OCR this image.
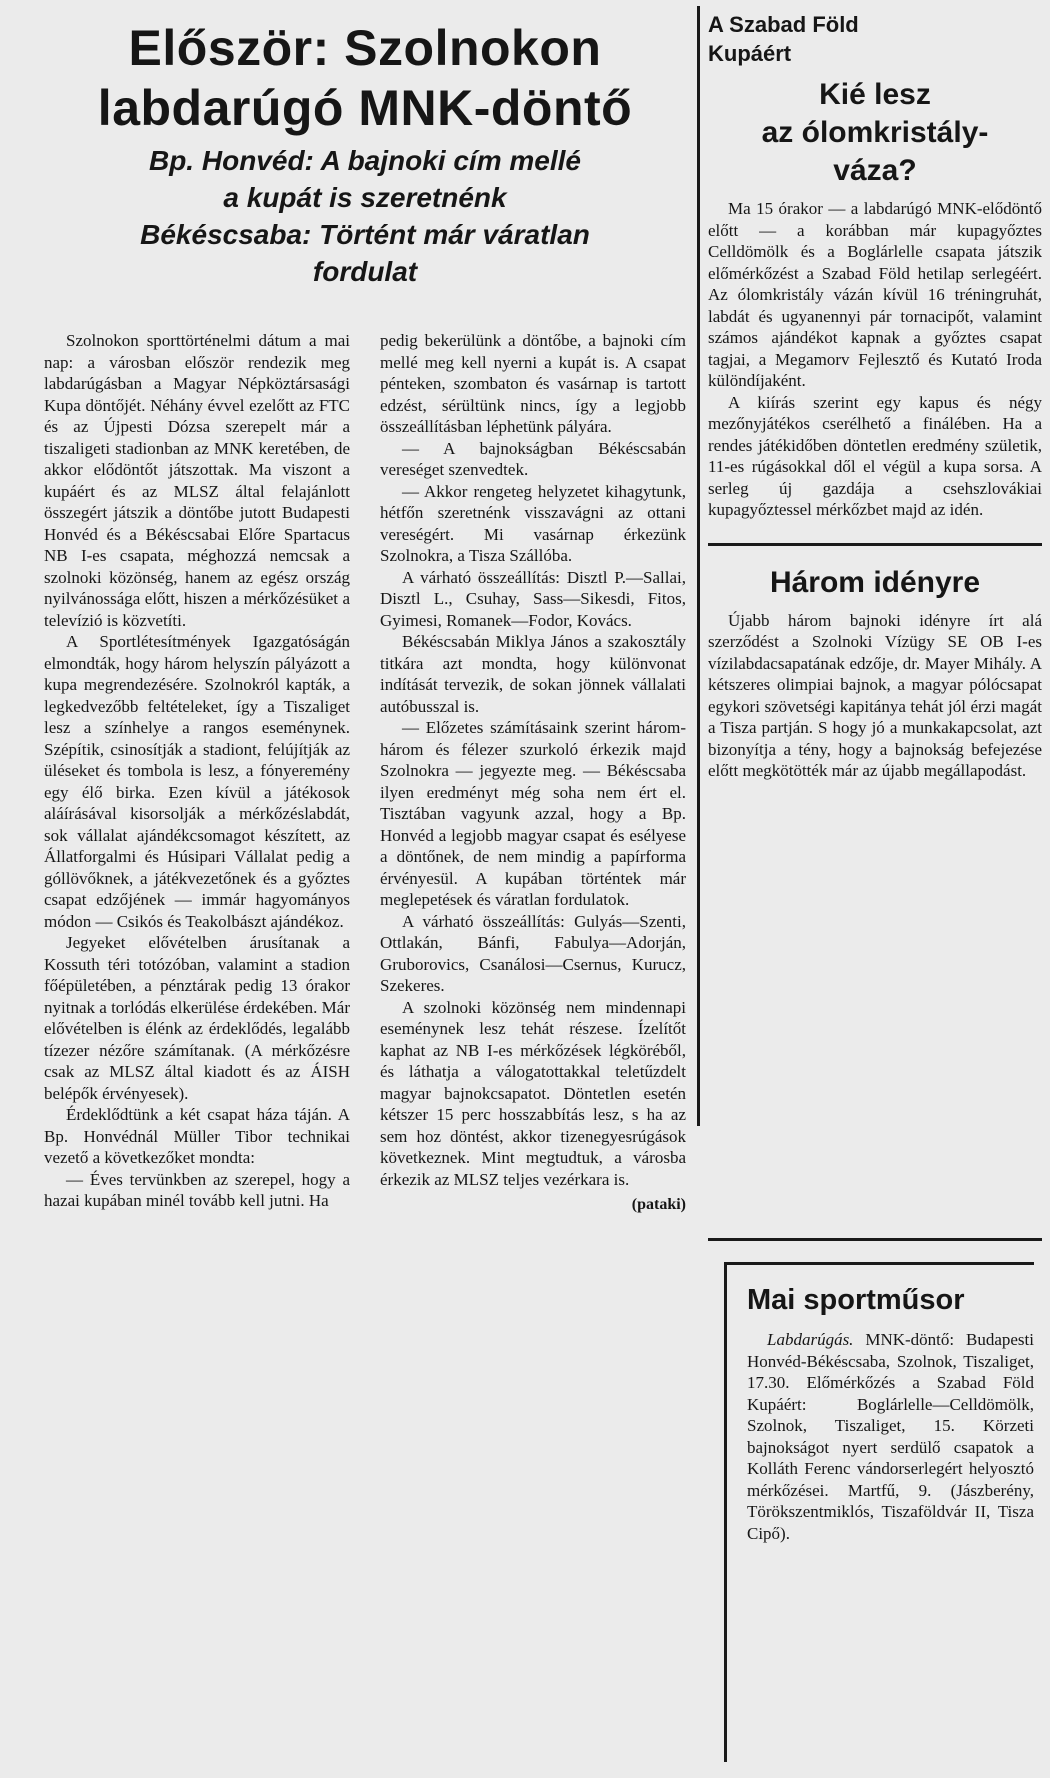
Először: Szolnokon
labdarúgó MNK-döntő
Bp. Honvéd: A bajnoki cím mellé
a kupát is szeretnénk
Békéscsaba: Történt már váratlan
fordulat

Szolnokon sporttörténelmi dátum a mai nap: a városban először rendezik meg labdarúgásban a Magyar Népköztársasági Kupa döntőjét. Néhány évvel ezelőtt az FTC és az Újpesti Dózsa szerepelt már a tiszaligeti stadionban az MNK keretében, de akkor elődöntőt játszottak. Ma viszont a kupáért és az MLSZ által felajánlott összegért játszik a döntőbe jutott Budapesti Honvéd és a Békéscsabai Előre Spartacus NB I-es csapata, méghozzá nemcsak a szolnoki közönség, hanem az egész ország nyilvánossága előtt, hiszen a mérkőzésüket a televízió is közvetíti.

A Sportlétesítmények Igazgatóságán elmondták, hogy három helyszín pályázott a kupa megrendezésére. Szolnokról kapták, a legkedvezőbb feltételeket, így a Tiszaliget lesz a színhelye a rangos eseménynek. Szépítik, csinosítják a stadiont, felújítják az üléseket és tombola is lesz, a fónyeremény egy élő birka. Ezen kívül a játékosok aláírásával kisorsolják a mérkőzéslabdát, sok vállalat ajándékcsomagot készített, az Állatforgalmi és Húsipari Vállalat pedig a góllövőknek, a játékvezetőnek és a győztes csapat edzőjének — immár hagyományos módon — Csikós és Teakolbászt ajándékoz.

Jegyeket elővételben árusítanak a Kossuth téri totózóban, valamint a stadion főépületében, a pénztárak pedig 13 órakor nyitnak a torlódás elkerülése érdekében. Már elővételben is élénk az érdeklődés, legalább tízezer nézőre számítanak. (A mérkőzésre csak az MLSZ által kiadott és az ÁISH belépők érvényesek).

Érdeklődtünk a két csapat háza táján. A Bp. Honvédnál Müller Tibor technikai vezető a következőket mondta:

— Éves tervünkben az szerepel, hogy a hazai kupában minél tovább kell jutni. Ha

pedig bekerülünk a döntőbe, a bajnoki cím mellé meg kell nyerni a kupát is. A csapat pénteken, szombaton és vasárnap is tartott edzést, sérültünk nincs, így a legjobb összeállításban léphetünk pályára.

— A bajnokságban Békéscsabán vereséget szenvedtek.

— Akkor rengeteg helyzetet kihagytunk, hétfőn szeretnénk visszavágni az ottani vereségért. Mi vasárnap érkezünk Szolnokra, a Tisza Szállóba.

A várható összeállítás: Disztl P.—Sallai, Disztl L., Csuhay, Sass—Sikesdi, Fitos, Gyimesi, Romanek—Fodor, Kovács.

Békéscsabán Miklya János a szakosztály titkára azt mondta, hogy különvonat indítását tervezik, de sokan jönnek vállalati autóbusszal is.

— Előzetes számításaink szerint három-három és félezer szurkoló érkezik majd Szolnokra — jegyezte meg. — Békéscsaba ilyen eredményt még soha nem ért el. Tisztában vagyunk azzal, hogy a Bp. Honvéd a legjobb magyar csapat és esélyese a döntőnek, de nem mindig a papírforma érvényesül. A kupában történtek már meglepetések és váratlan fordulatok.

A várható összeállítás: Gulyás—Szenti, Ottlakán, Bánfi, Fabulya—Adorján, Gruborovics, Csanálosi—Csernus, Kurucz, Szekeres.

A szolnoki közönség nem mindennapi eseménynek lesz tehát részese. Ízelítőt kaphat az NB I-es mérkőzések légköréből, és láthatja a válogatottakkal teletűzdelt magyar bajnokcsapatot. Döntetlen esetén kétszer 15 perc hosszabbítás lesz, s ha az sem hoz döntést, akkor tizenegyesrúgások következnek. Mint megtudtuk, a városba érkezik az MLSZ teljes vezérkara is.

(pataki)
A Szabad Föld
Kupáért
Kié lesz
az ólomkristály-
váza?

Ma 15 órakor — a labdarúgó MNK-elődöntő előtt — a korábban már kupagyőztes Celldömölk és a Boglárlelle csapata játszik előmérkőzést a Szabad Föld hetilap serlegéért. Az ólomkristály vázán kívül 16 tréningruhát, labdát és ugyanennyi pár tornacipőt, valamint számos ajándékot kapnak a győztes csapat tagjai, a Megamorv Fejlesztő és Kutató Iroda különdíjaként.

A kiírás szerint egy kapus és négy mezőnyjátékos cserélhető a finálében. Ha a rendes játékidőben döntetlen eredmény születik, 11-es rúgásokkal dől el végül a kupa sorsa. A serleg új gazdája a csehszlovákiai kupagyőztessel mérkőzbet majd az idén.

Három idényre

Újabb három bajnoki idényre írt alá szerződést a Szolnoki Vízügy SE OB I-es vízilabdacsapatának edzője, dr. Mayer Mihály. A kétszeres olimpiai bajnok, a magyar pólócsapat egykori szövetségi kapitánya tehát jól érzi magát a Tisza partján. S hogy jó a munkakapcsolat, azt bizonyítja a tény, hogy a bajnokság befejezése előtt megkötötték már az újabb megállapodást.

Mai sportműsor

Labdarúgás. MNK-döntő: Budapesti Honvéd-Békéscsaba, Szolnok, Tiszaliget, 17.30. Előmérkőzés a Szabad Föld Kupáért: Boglárlelle—Celldömölk, Szolnok, Tiszaliget, 15. Körzeti bajnokságot nyert serdülő csapatok a Kolláth Ferenc vándorserlegért helyosztó mérkőzései. Martfű, 9. (Jászberény, Törökszentmiklós, Tiszaföldvár II, Tisza Cipő).
